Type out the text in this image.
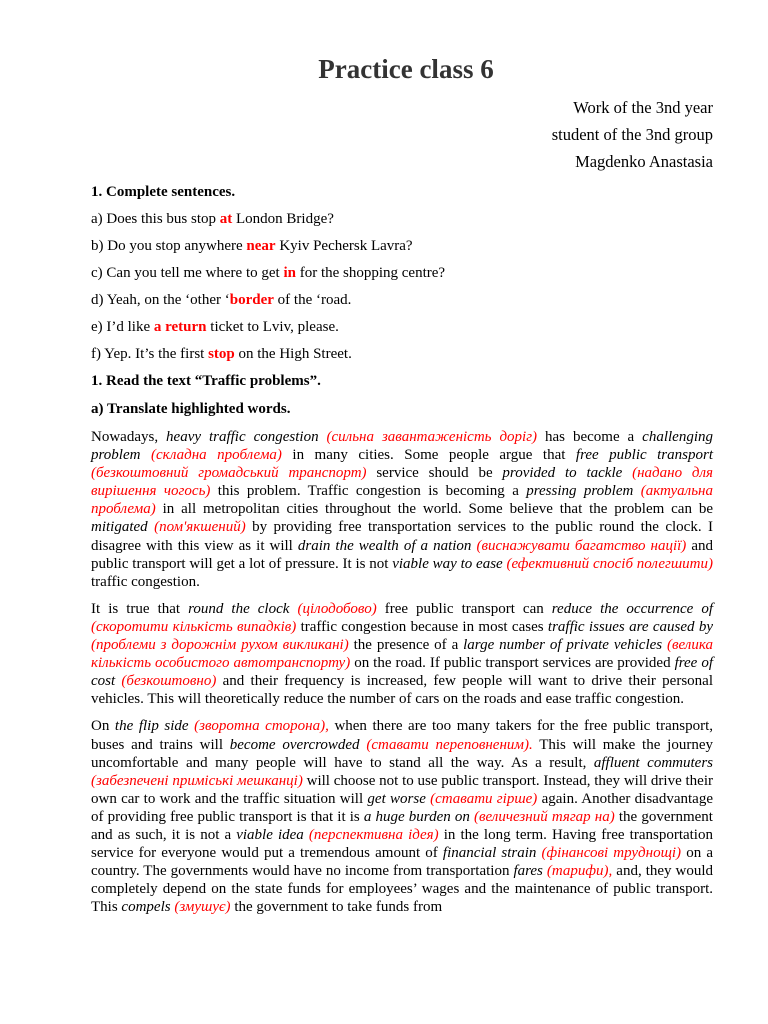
Practice class 6
Work of the 3nd year
student of the 3nd group
Magdenko Anastasia
1. Complete sentences.
a) Does this bus stop at London Bridge?
b) Do you stop anywhere near Kyiv Pechersk Lavra?
c) Can you tell me where to get in for the shopping centre?
d) Yeah, on the ‘other ‘border of the ‘road.
e) I’d like a return ticket to Lviv, please.
f) Yep. It’s the first stop on the High Street.
1. Read the text “Traffic problems”.
a) Translate highlighted words.

Nowadays, heavy traffic congestion (сильна завантаженість доріг) has become a challenging problem (складна проблема) in many cities. Some people argue that free public transport (безкоштовний громадський транспорт) service should be provided to tackle (надано для вирішення чогось) this problem. Traffic congestion is becoming a pressing problem (актуальна проблема) in all metropolitan cities throughout the world. Some believe that the problem can be mitigated (пом'якшений) by providing free transportation services to the public round the clock. I disagree with this view as it will drain the wealth of a nation (виснажувати багатство нації) and public transport will get a lot of pressure. It is not viable way to ease (ефективний спосіб полегшити) traffic congestion.

It is true that round the clock (цілодобово) free public transport can reduce the occurrence of (скоротити кількість випадків) traffic congestion because in most cases traffic issues are caused by (проблеми з дорожнім рухом викликані) the presence of a large number of private vehicles (велика кількість особистого автотранспорту) on the road. If public transport services are provided free of cost (безкоштовно) and their frequency is increased, few people will want to drive their personal vehicles. This will theoretically reduce the number of cars on the roads and ease traffic congestion.

On the flip side (зворотна сторона), when there are too many takers for the free public transport, buses and trains will become overcrowded (ставати переповненим). This will make the journey uncomfortable and many people will have to stand all the way. As a result, affluent commuters (забезпечені приміські мешканці) will choose not to use public transport. Instead, they will drive their own car to work and the traffic situation will get worse (ставати гірше) again. Another disadvantage of providing free public transport is that it is a huge burden on (величезний тягар на) the government and as such, it is not a viable idea (перспективна ідея) in the long term. Having free transportation service for everyone would put a tremendous amount of financial strain (фінансові труднощі) on a country. The governments would have no income from transportation fares (тарифи), and, they would completely depend on the state funds for employees’ wages and the maintenance of public transport. This compels (змушує) the government to take funds from
